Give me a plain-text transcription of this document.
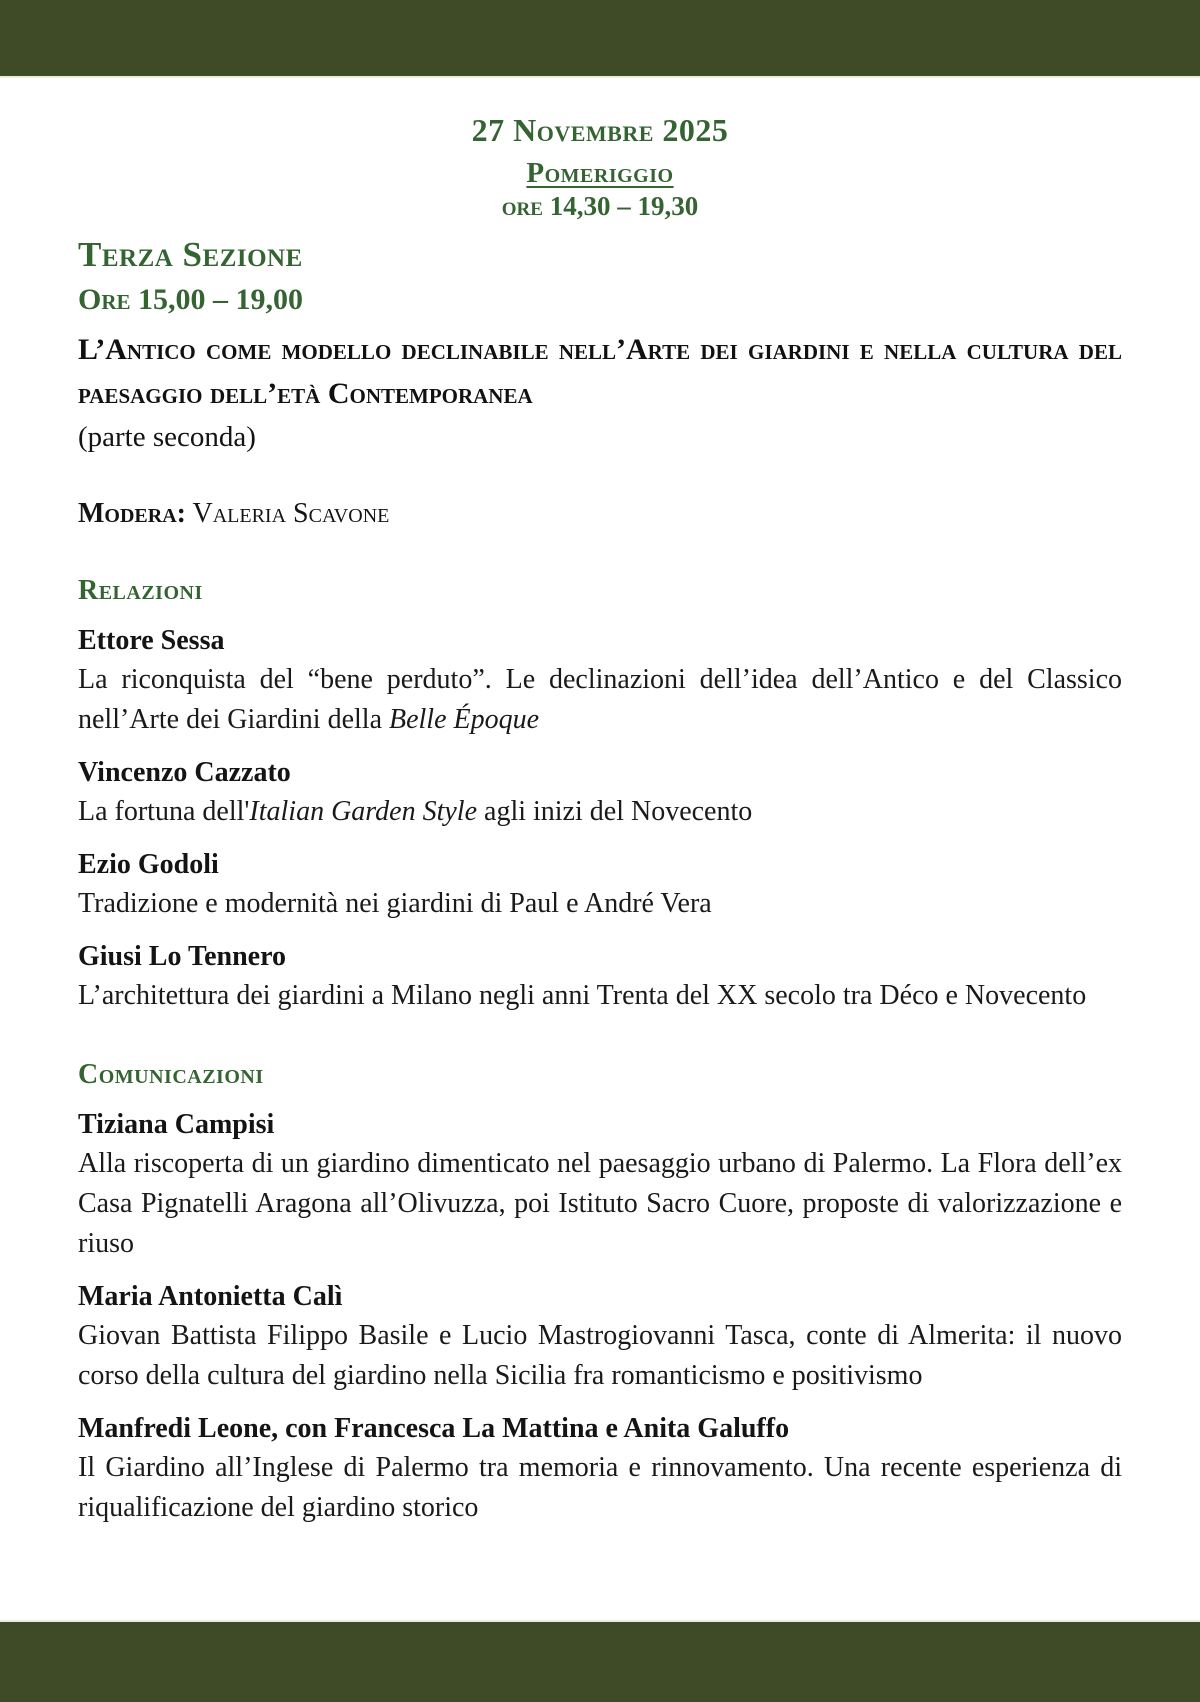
27 Novembre 2025
Pomeriggio
ore 14,30 – 19,30
Terza Sezione
Ore 15,00 – 19,00
L’Antico come modello declinabile nell’Arte dei giardini e nella cultura del paesaggio dell’età Contemporanea
(parte seconda)
Modera: Valeria Scavone
Relazioni
Ettore Sessa

La riconquista del “bene perduto”. Le declinazioni dell’idea dell’Antico e del Classico nell’Arte dei Giardini della Belle Époque

Vincenzo Cazzato

La fortuna dell'Italian Garden Style agli inizi del Novecento

Ezio Godoli

Tradizione e modernità nei giardini di Paul e André Vera

Giusi Lo Tennero

L’architettura dei giardini a Milano negli anni Trenta del XX secolo tra Déco e Novecento

Comunicazioni
Tiziana Campisi

Alla riscoperta di un giardino dimenticato nel paesaggio urbano di Palermo. La Flora dell’ex Casa Pignatelli Aragona all’Olivuzza, poi Istituto Sacro Cuore, proposte di valorizzazione e riuso

Maria Antonietta Calì

Giovan Battista Filippo Basile e Lucio Mastrogiovanni Tasca, conte di Almerita: il nuovo corso della cultura del giardino nella Sicilia fra romanticismo e positivismo

Manfredi Leone, con Francesca La Mattina e Anita Galuffo

Il Giardino all’Inglese di Palermo tra memoria e rinnovamento. Una recente esperienza di riqualificazione del giardino storico
